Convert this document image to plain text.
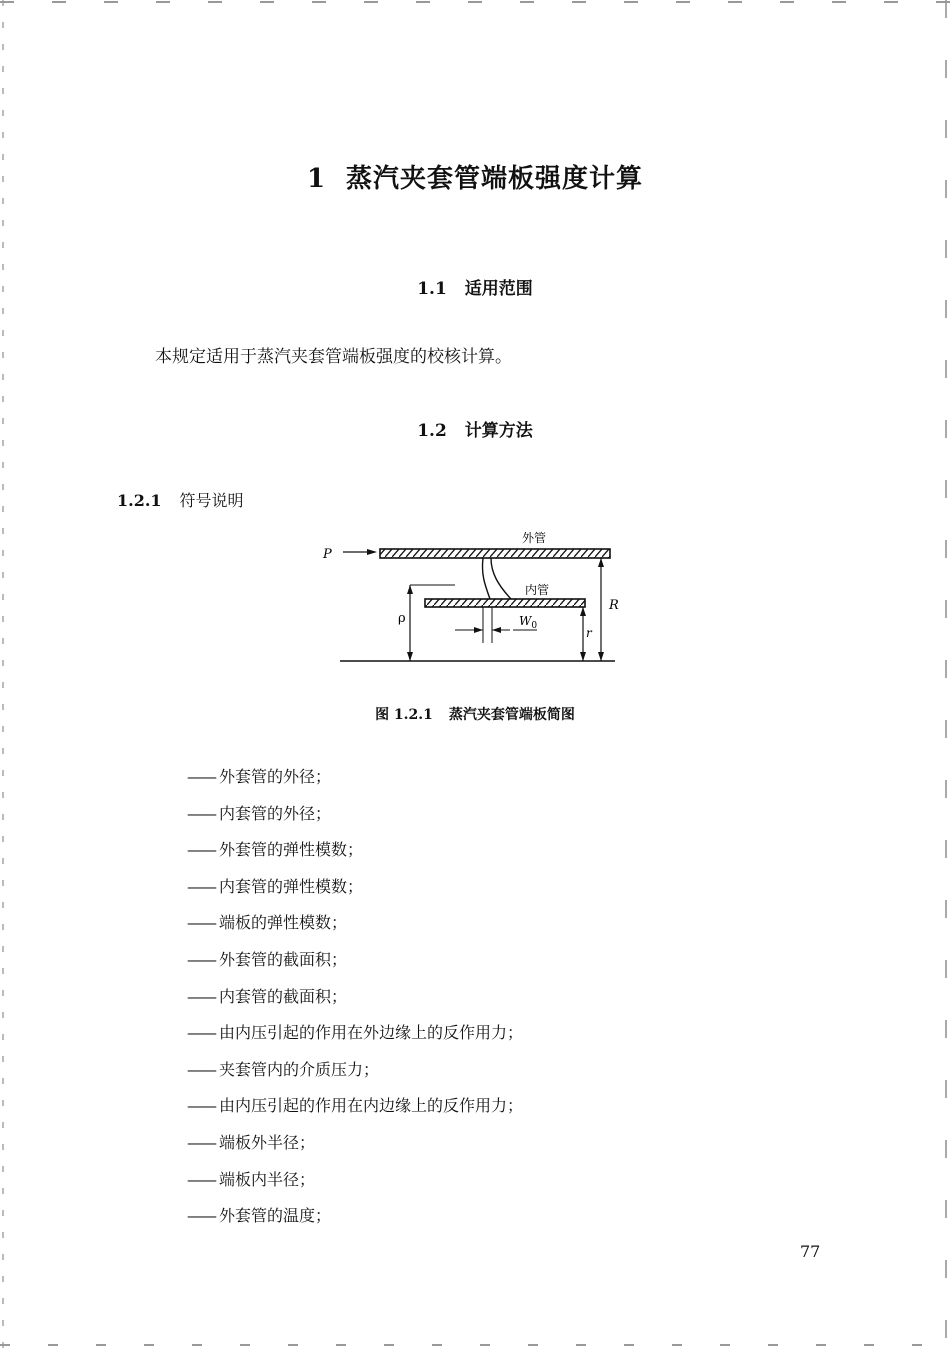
1 蒸汽夹套管端板强度计算
1.1 适用范围
本规定适用于蒸汽夹套管端板强度的校核计算。
1.2 计算方法
1.2.1 符号说明
P
外管
内管
R
r
ρ	$W_0$
图 1.2.1 蒸汽夹套管端板简图
—— 外套管的外径；
—— 内套管的外径；
—— 外套管的弹性模数；
—— 内套管的弹性模数；
—— 端板的弹性模数；
—— 外套管的截面积；
—— 内套管的截面积；
—— 由内压引起的作用在外边缘上的反作用力；
—— 夹套管内的介质压力；
—— 由内压引起的作用在内边缘上的反作用力；
—— 端板外半径；
—— 端板内半径；
—— 外套管的温度；
77
